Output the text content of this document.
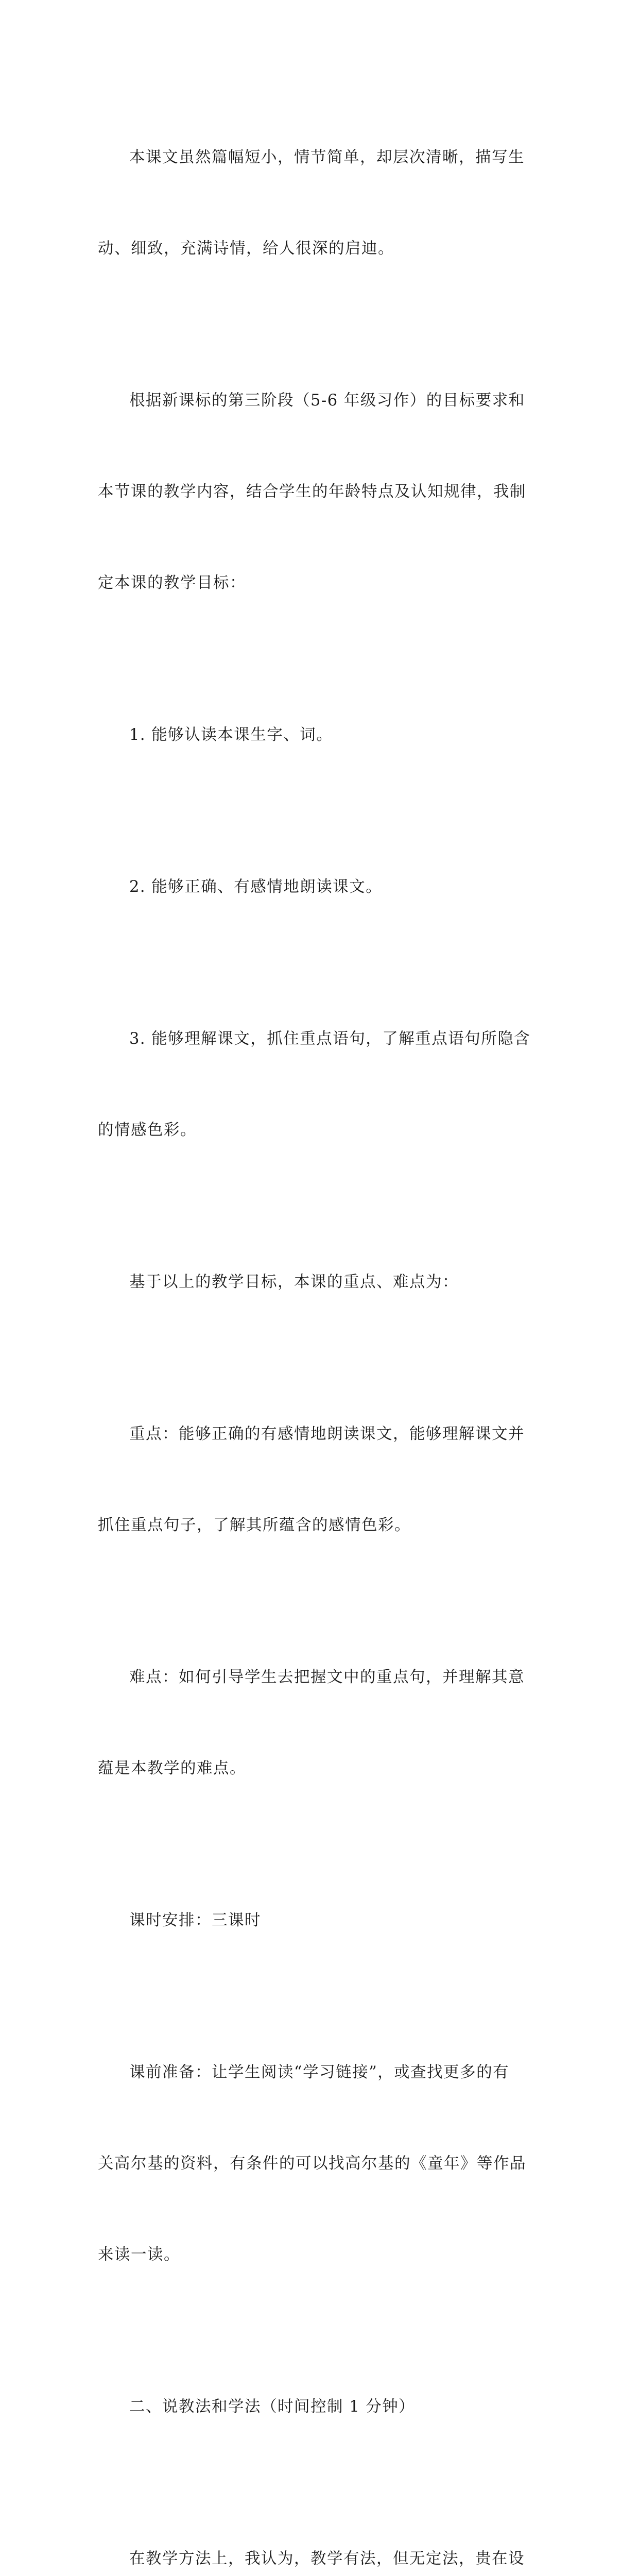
本课文虽然篇幅短小，情节简单，却层次清晰，描写生

动、细致，充满诗情，给人很深的启迪。

根据新课标的第三阶段（5-6 年级习作）的目标要求和

本节课的教学内容，结合学生的年龄特点及认知规律，我制

定本课的教学目标：

1. 能够认读本课生字、词。

2. 能够正确、有感情地朗读课文。

3. 能够理解课文，抓住重点语句，了解重点语句所隐含

的情感色彩。

基于以上的教学目标，本课的重点、难点为：

重点：能够正确的有感情地朗读课文，能够理解课文并

抓住重点句子，了解其所蕴含的感情色彩。

难点：如何引导学生去把握文中的重点句，并理解其意

蕴是本教学的难点。

课时安排：三课时

课前准备：让学生阅读“学习链接”，或查找更多的有

关高尔基的资料，有条件的可以找高尔基的《童年》等作品

来读一读。

二、说教法和学法（时间控制 1 分钟）

在教学方法上，我认为，教学有法，但无定法，贵在设
